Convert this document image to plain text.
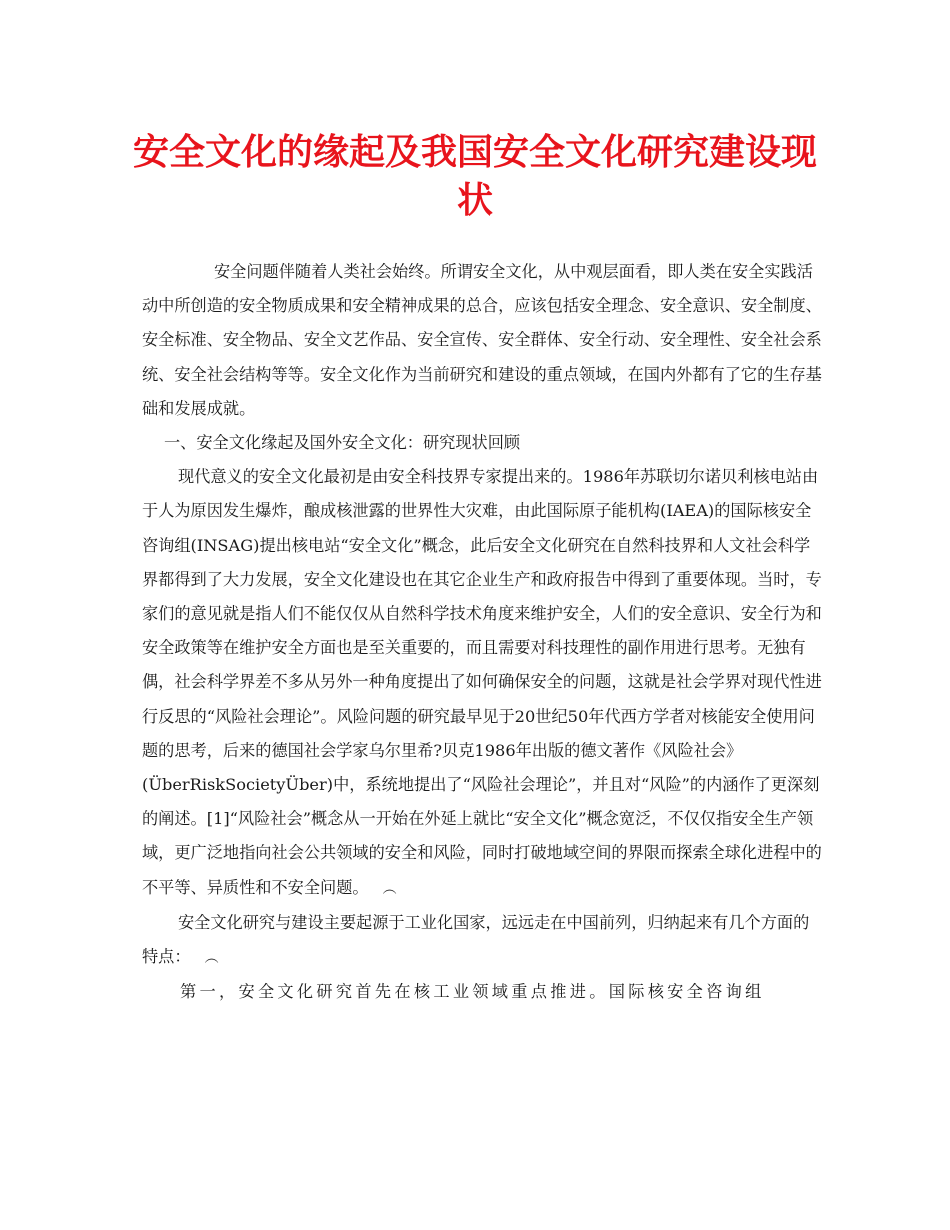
安全文化的缘起及我国安全文化研究建设现
状

安全问题伴随着人类社会始终。所谓安全文化，从中观层面看，即人类在安全实践活动中所创造的安全物质成果和安全精神成果的总合，应该包括安全理念、安全意识、安全制度、安全标准、安全物品、安全文艺作品、安全宣传、安全群体、安全行动、安全理性、安全社会系统、安全社会结构等等。安全文化作为当前研究和建设的重点领域，在国内外都有了它的生存基础和发展成就。

一、安全文化缘起及国外安全文化：研究现状回顾

现代意义的安全文化最初是由安全科技界专家提出来的。1986年苏联切尔诺贝利核电站由于人为原因发生爆炸，酿成核泄露的世界性大灾难，由此国际原子能机构(IAEA)的国际核安全咨询组(INSAG)提出核电站“安全文化”概念，此后安全文化研究在自然科技界和人文社会科学界都得到了大力发展，安全文化建设也在其它企业生产和政府报告中得到了重要体现。当时，专家们的意见就是指人们不能仅仅从自然科学技术角度来维护安全，人们的安全意识、安全行为和安全政策等在维护安全方面也是至关重要的，而且需要对科技理性的副作用进行思考。无独有偶，社会科学界差不多从另外一种角度提出了如何确保安全的问题，这就是社会学界对现代性进行反思的“风险社会理论”。风险问题的研究最早见于20世纪50年代西方学者对核能安全使用问题的思考，后来的德国社会学家乌尔里希?贝克1986年出版的德文著作《风险社会》(ÜberRiskSocietyÜber)中，系统地提出了“风险社会理论”，并且对“风险”的内涵作了更深刻的阐述。[1]“风险社会”概念从一开始在外延上就比“安全文化”概念宽泛，不仅仅指安全生产领域，更广泛地指向社会公共领域的安全和风险，同时打破地域空间的界限而探索全球化进程中的不平等、异质性和不安全问题。 ︵

安全文化研究与建设主要起源于工业化国家，远远走在中国前列，归纳起来有几个方面的特点： ︵

第一，安全文化研究首先在核工业领域重点推进。国际核安全咨询组
